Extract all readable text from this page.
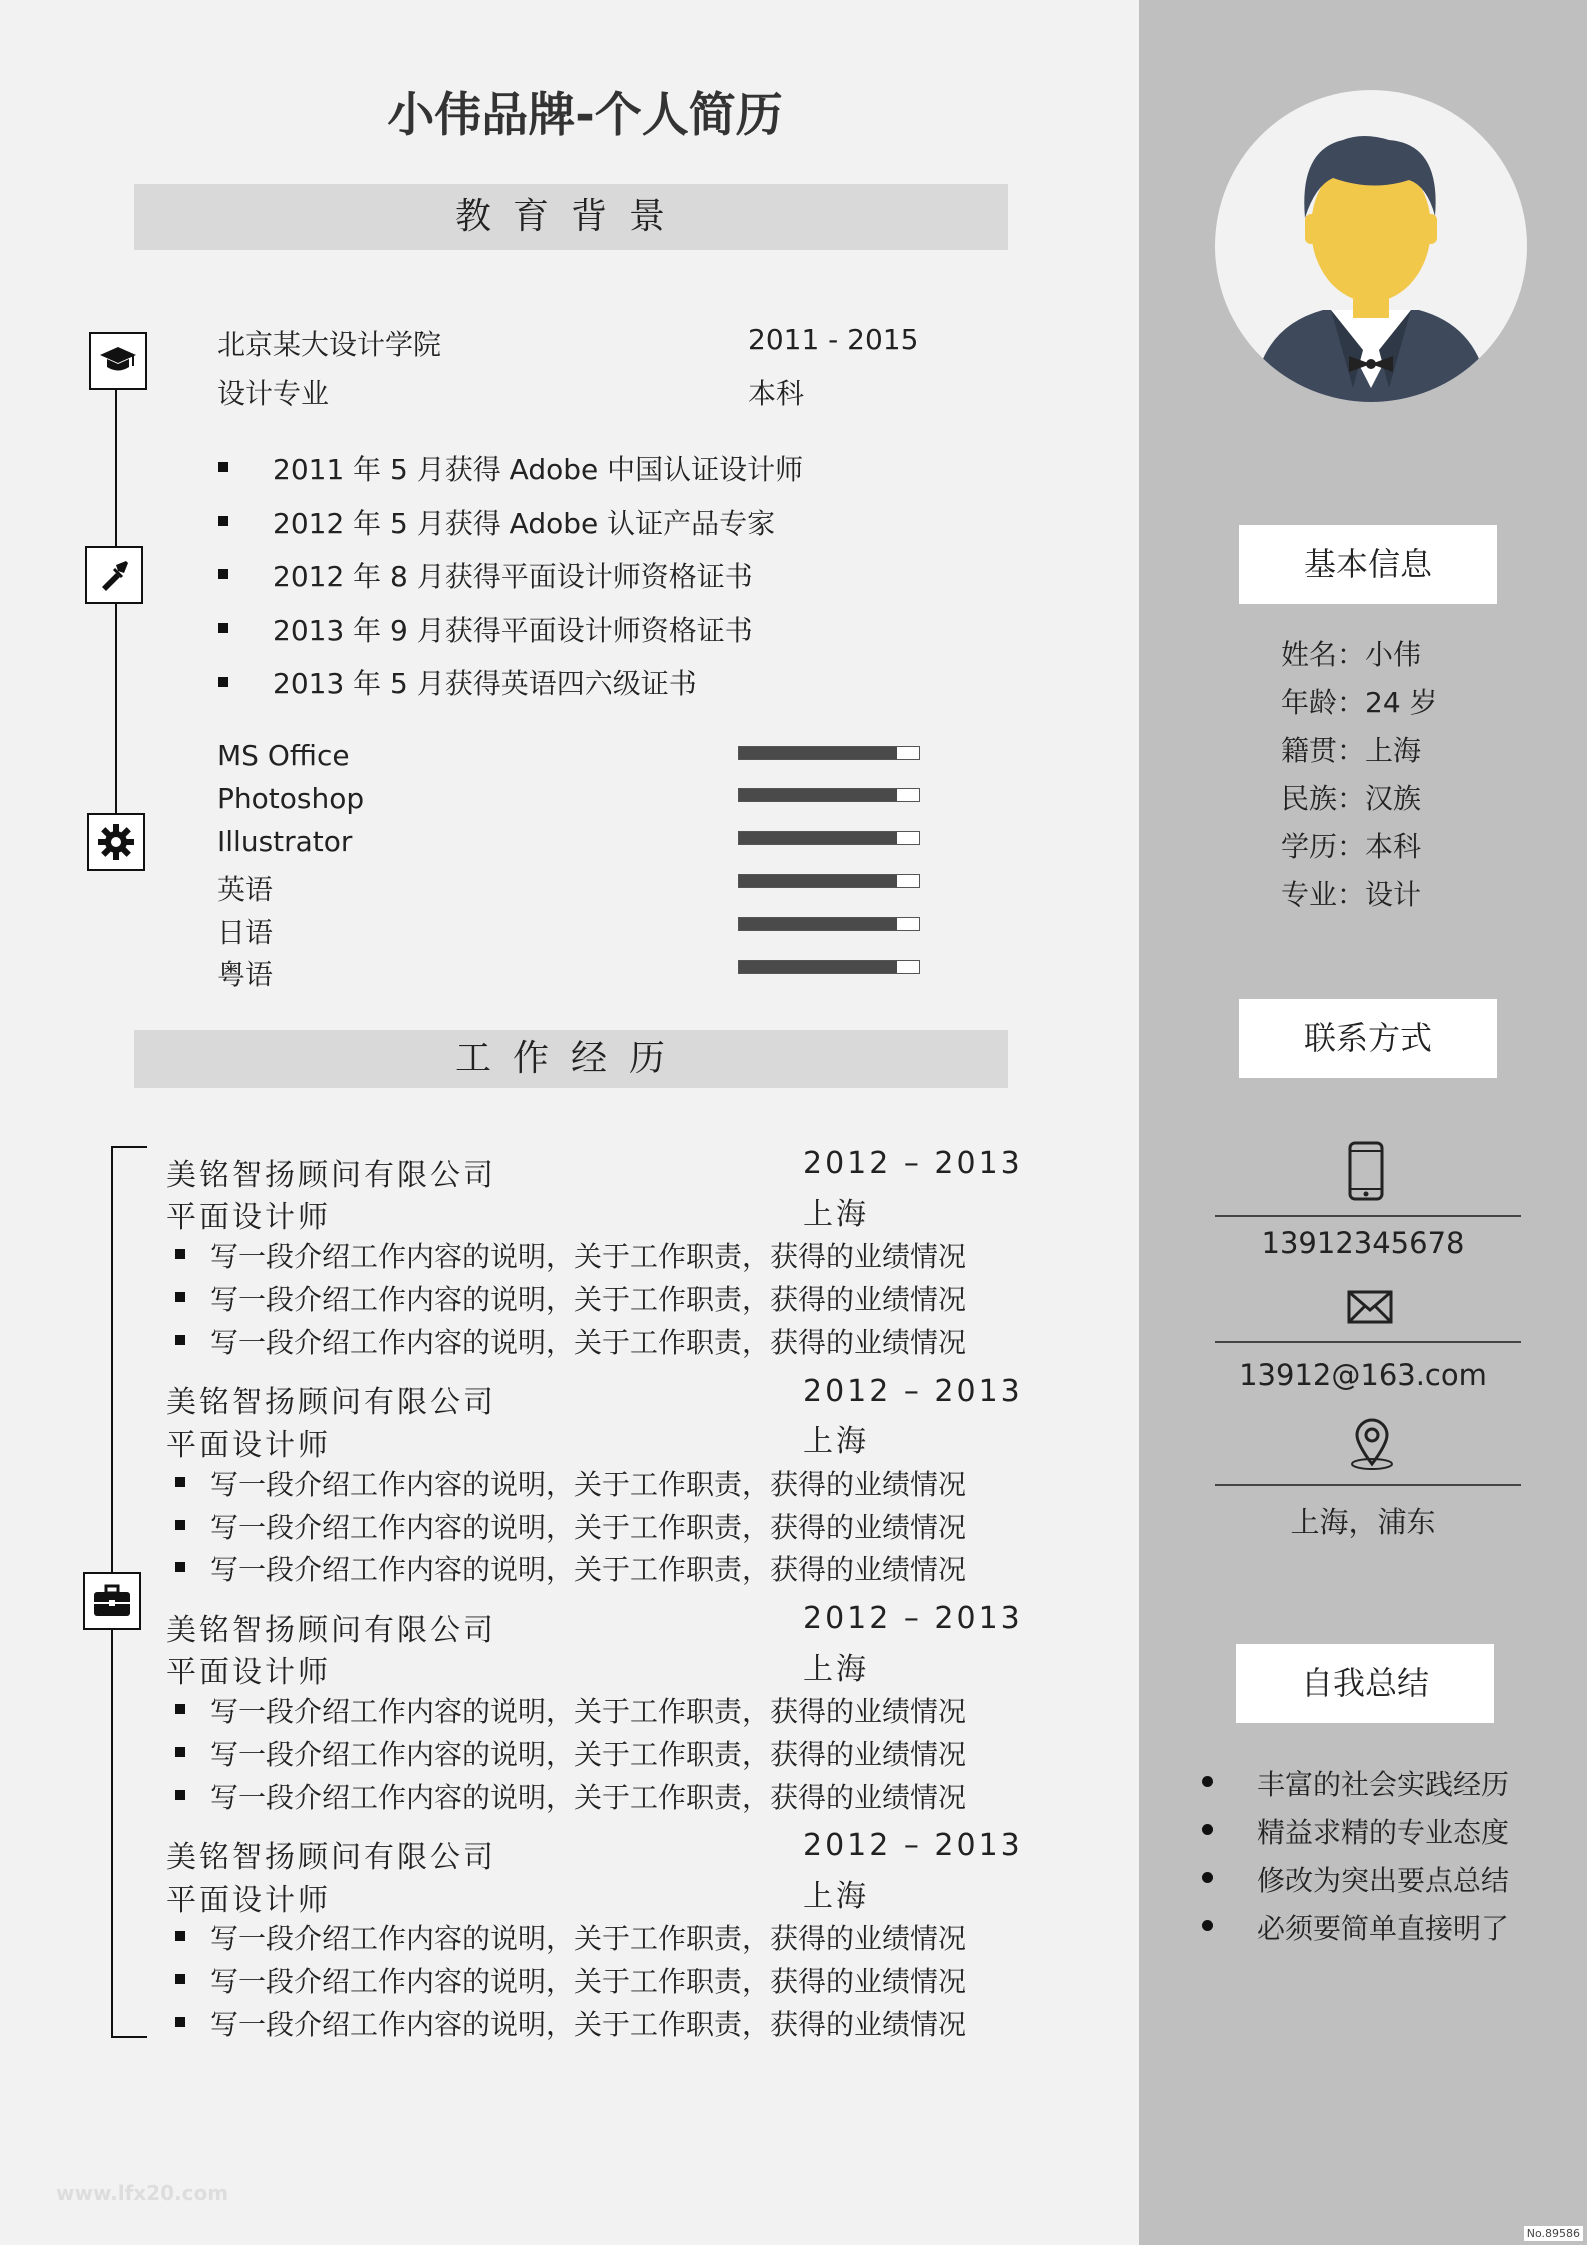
小伟品牌-个人简历
教育背景
北京某大设计学院	2011 - 2015
设计专业	本科
2011 年 5 月获得 Adobe 中国认证设计师
2012 年 5 月获得 Adobe 认证产品专家
2012 年 8 月获得平面设计师资格证书
2013 年 9 月获得平面设计师资格证书
2013 年 5 月获得英语四六级证书
MS Office
Photoshop
Illustrator
英语
日语
粤语
工作经历
美铭智扬顾问有限公司	2012 – 2013
平面设计师	上海
写一段介绍工作内容的说明，关于工作职责，获得的业绩情况
写一段介绍工作内容的说明，关于工作职责，获得的业绩情况
写一段介绍工作内容的说明，关于工作职责，获得的业绩情况
美铭智扬顾问有限公司	2012 – 2013
平面设计师	上海
写一段介绍工作内容的说明，关于工作职责，获得的业绩情况
写一段介绍工作内容的说明，关于工作职责，获得的业绩情况
写一段介绍工作内容的说明，关于工作职责，获得的业绩情况
美铭智扬顾问有限公司	2012 – 2013
平面设计师	上海
写一段介绍工作内容的说明，关于工作职责，获得的业绩情况
写一段介绍工作内容的说明，关于工作职责，获得的业绩情况
写一段介绍工作内容的说明，关于工作职责，获得的业绩情况
美铭智扬顾问有限公司	2012 – 2013
平面设计师	上海
写一段介绍工作内容的说明，关于工作职责，获得的业绩情况
写一段介绍工作内容的说明，关于工作职责，获得的业绩情况
写一段介绍工作内容的说明，关于工作职责，获得的业绩情况
基本信息
姓名：小伟
年龄：24 岁
籍贯：上海
民族：汉族
学历：本科
专业：设计
联系方式
13912345678
13912@163.com
上海，浦东
自我总结
丰富的社会实践经历
精益求精的专业态度
修改为突出要点总结
必须要简单直接明了
www.lfx20.com
No.89586
